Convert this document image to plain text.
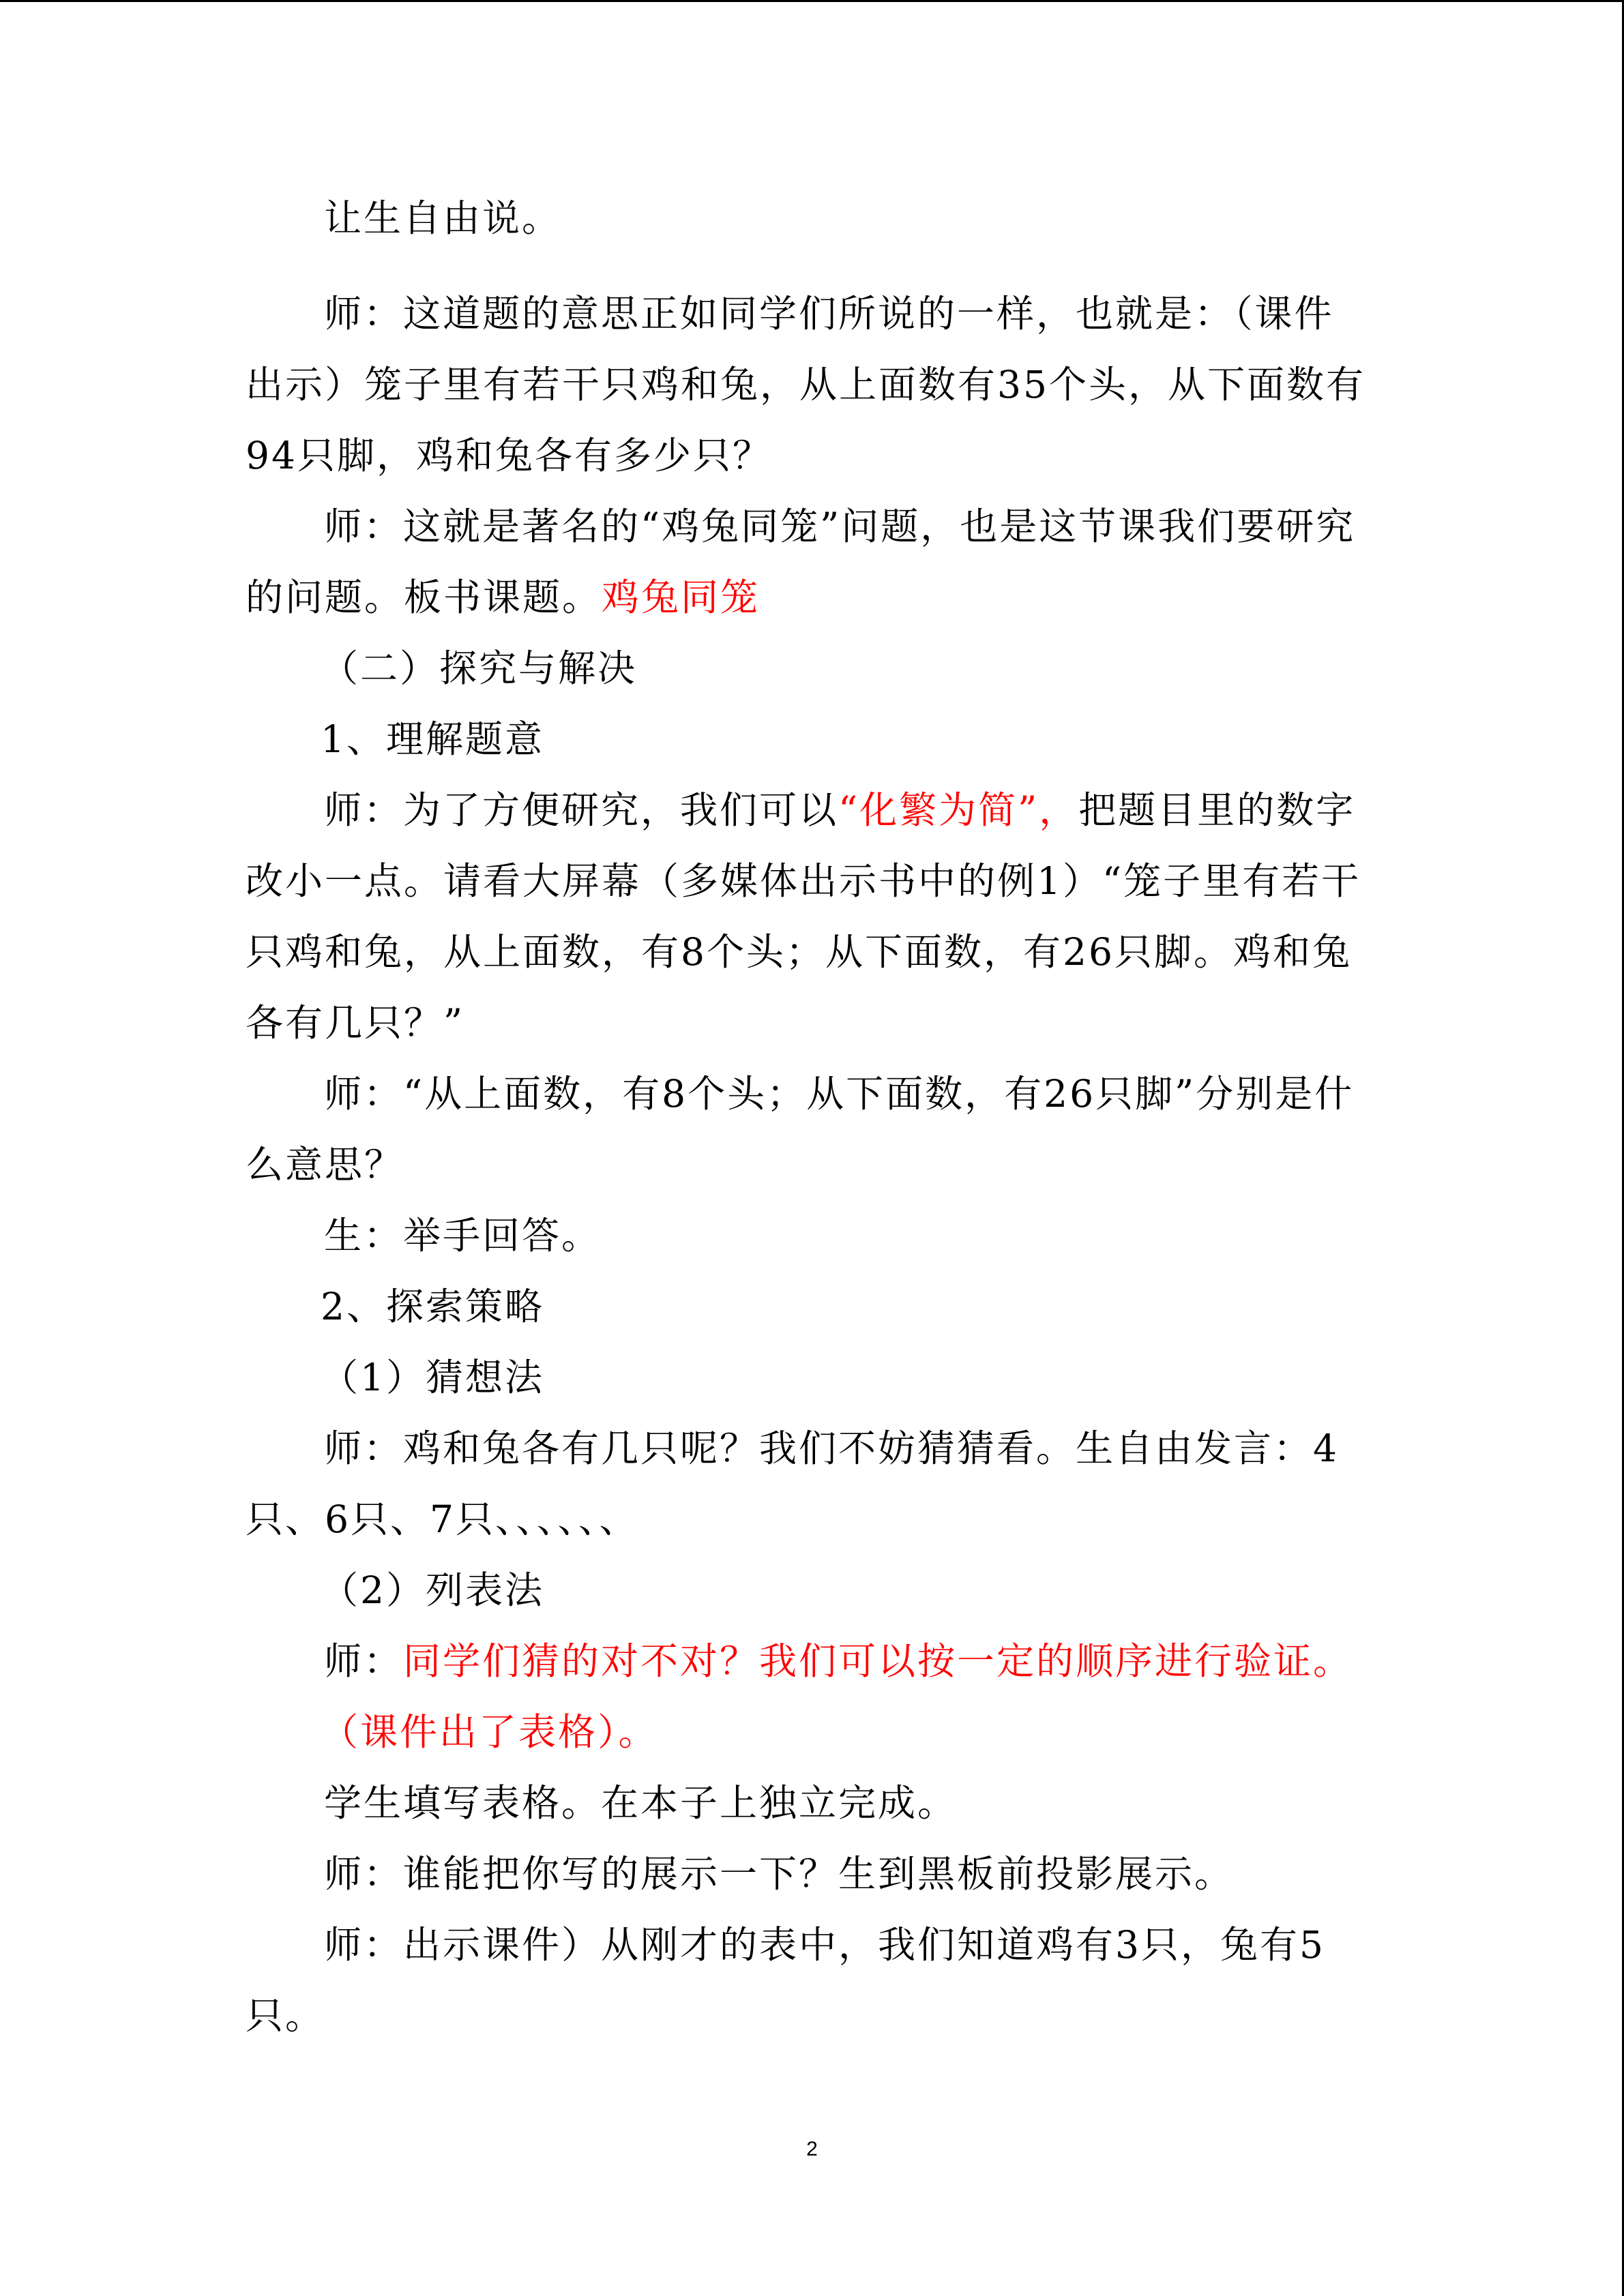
让生自由说。

师：这道题的意思正如同学们所说的一样，也就是：（课件出示）笼子里有若干只鸡和兔，从上面数有35个头，从下面数有94只脚，鸡和兔各有多少只？

师：这就是著名的“鸡兔同笼”问题，也是这节课我们要研究的问题。板书课题。鸡兔同笼

（二）探究与解决

1、理解题意

师：为了方便研究，我们可以“化繁为简”，把题目里的数字改小一点。请看大屏幕（多媒体出示书中的例1）“笼子里有若干只鸡和兔，从上面数，有8个头；从下面数，有26只脚。鸡和兔各有几只？”

师：“从上面数，有8个头；从下面数，有26只脚”分别是什么意思？

生：举手回答。

2、探索策略

（1）猜想法

师：鸡和兔各有几只呢？我们不妨猜猜看。生自由发言：4只、6只、7只、、、、、、

（2）列表法

师：同学们猜的对不对？我们可以按一定的顺序进行验证。

（课件出了表格）。

学生填写表格。在本子上独立完成。

师：谁能把你写的展示一下？生到黑板前投影展示。

师：出示课件）从刚才的表中，我们知道鸡有3只，兔有5只。

2
